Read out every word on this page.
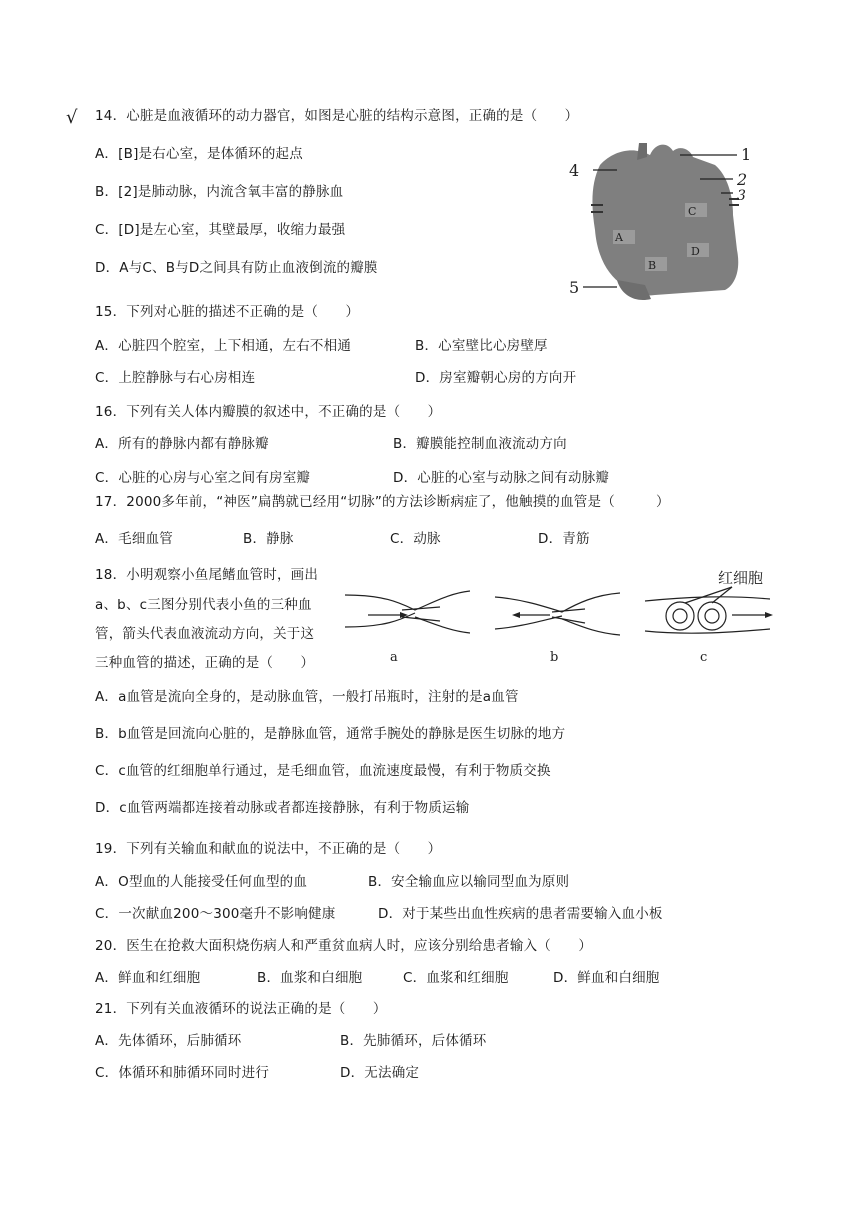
√ 14．心脏是血液循环的动力器官，如图是心脏的结构示意图，正确的是（　　）
A．[B]是右心室，是体循环的起点
B．[2]是肺动脉，内流含氧丰富的静脉血
C．[D]是左心室，其壁最厚，收缩力最强
D．A与C、B与D之间具有防止血液倒流的瓣膜
A
B
C
D
1
2
3
4
5
15．下列对心脏的描述不正确的是（　　）
A．心脏四个腔室，上下相通，左右不相通	B．心室壁比心房壁厚
C．上腔静脉与右心房相连	D．房室瓣朝心房的方向开
16．下列有关人体内瓣膜的叙述中，不正确的是（　　）
A．所有的静脉内都有静脉瓣	B．瓣膜能控制血液流动方向
C．心脏的心房与心室之间有房室瓣	D．心脏的心室与动脉之间有动脉瓣
17．2000多年前，“神医”扁鹊就已经用“切脉”的方法诊断病症了，他触摸的血管是（　　　）
A．毛细血管	B．静脉	C．动脉	D．青筋
18．小明观察小鱼尾鳍血管时，画出
a、b、c三图分别代表小鱼的三种血
管，箭头代表血液流动方向，关于这
三种血管的描述，正确的是（　　）	a	b	c
红细胞
A．a血管是流向全身的，是动脉血管，一般打吊瓶时，注射的是a血管
B．b血管是回流向心脏的，是静脉血管，通常手腕处的静脉是医生切脉的地方
C．c血管的红细胞单行通过，是毛细血管，血流速度最慢，有利于物质交换
D．c血管两端都连接着动脉或者都连接静脉，有利于物质运输
19．下列有关输血和献血的说法中，不正确的是（　　）
A．O型血的人能接受任何血型的血	B．安全输血应以输同型血为原则
C．一次献血200～300毫升不影响健康	D．对于某些出血性疾病的患者需要输入血小板
20．医生在抢救大面积烧伤病人和严重贫血病人时，应该分别给患者输入（　　）
A．鲜血和红细胞	B．血浆和白细胞	C．血浆和红细胞	D．鲜血和白细胞
21．下列有关血液循环的说法正确的是（　　）
A．先体循环，后肺循环	B．先肺循环，后体循环
C．体循环和肺循环同时进行	D．无法确定
